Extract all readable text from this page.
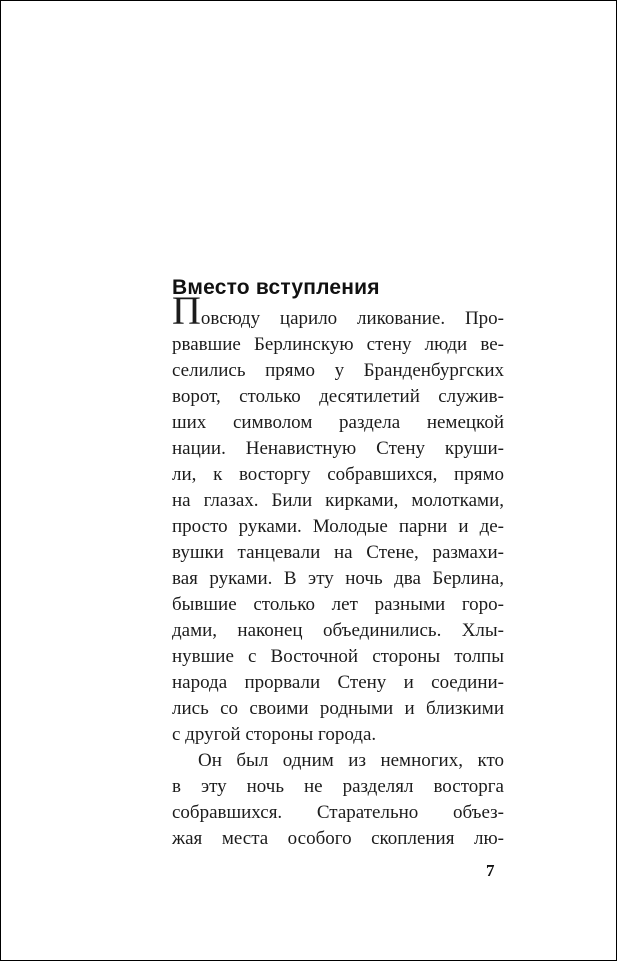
Вместо вступления
Повсюду царило ликование. Про-
рвавшие Берлинскую стену люди ве-
селились прямо у Бранденбургских
ворот, столько десятилетий служив-
ших символом раздела немецкой
нации. Ненавистную Стену круши-
ли, к восторгу собравшихся, прямо
на глазах. Били кирками, молотками,
просто руками. Молодые парни и де-
вушки танцевали на Стене, размахи-
вая руками. В эту ночь два Берлина,
бывшие столько лет разными горо-
дами, наконец объединились. Хлы-
нувшие с Восточной стороны толпы
народа прорвали Стену и соедини-
лись со своими родными и близкими
с другой стороны города.
Он был одним из немногих, кто
в эту ночь не разделял восторга
собравшихся. Старательно объез-
жая места особого скопления лю-
7
